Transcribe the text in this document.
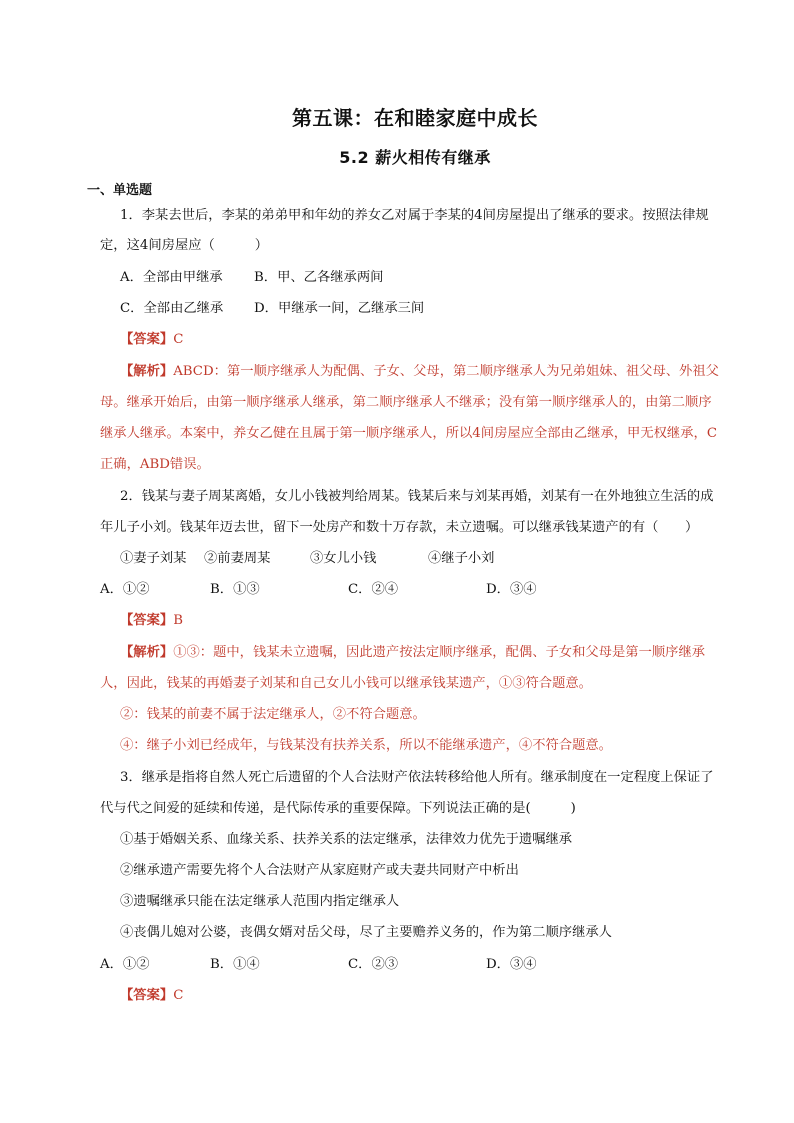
第五课：在和睦家庭中成长
5.2 薪火相传有继承
一、单选题
1．李某去世后，李某的弟弟甲和年幼的养女乙对属于李某的4间房屋提出了继承的要求。按照法律规
定，这4间房屋应（　　　）
A．全部由甲继承 B．甲、乙各继承两间
C．全部由乙继承 D．甲继承一间，乙继承三间
【答案】C
【解析】ABCD：第一顺序继承人为配偶、子女、父母，第二顺序继承人为兄弟姐妹、祖父母、外祖父
母。继承开始后，由第一顺序继承人继承，第二顺序继承人不继承；没有第一顺序继承人的，由第二顺序
继承人继承。本案中，养女乙健在且属于第一顺序继承人，所以4间房屋应全部由乙继承，甲无权继承，C
正确，ABD错误。
2．钱某与妻子周某离婚，女儿小钱被判给周某。钱某后来与刘某再婚，刘某有一在外地独立生活的成
年儿子小刘。钱某年迈去世，留下一处房产和数十万存款，未立遗嘱。可以继承钱某遗产的有（　　）
①妻子刘某 ②前妻周某	③女儿小钱	④继子小刘
A．①②	B．①③	C．②④	D．③④
【答案】B
【解析】①③：题中，钱某未立遗嘱，因此遗产按法定顺序继承，配偶、子女和父母是第一顺序继承
人，因此，钱某的再婚妻子刘某和自己女儿小钱可以继承钱某遗产，①③符合题意。
②：钱某的前妻不属于法定继承人，②不符合题意。
④：继子小刘已经成年，与钱某没有扶养关系，所以不能继承遗产，④不符合题意。
3．继承是指将自然人死亡后遗留的个人合法财产依法转移给他人所有。继承制度在一定程度上保证了
代与代之间爱的延续和传递，是代际传承的重要保障。下列说法正确的是(　　　)
①基于婚姻关系、血缘关系、扶养关系的法定继承，法律效力优先于遗嘱继承
②继承遗产需要先将个人合法财产从家庭财产或夫妻共同财产中析出
③遗嘱继承只能在法定继承人范围内指定继承人
④丧偶儿媳对公婆，丧偶女婿对岳父母，尽了主要赡养义务的，作为第二顺序继承人
A．①②	B．①④	C．②③	D．③④
【答案】C
